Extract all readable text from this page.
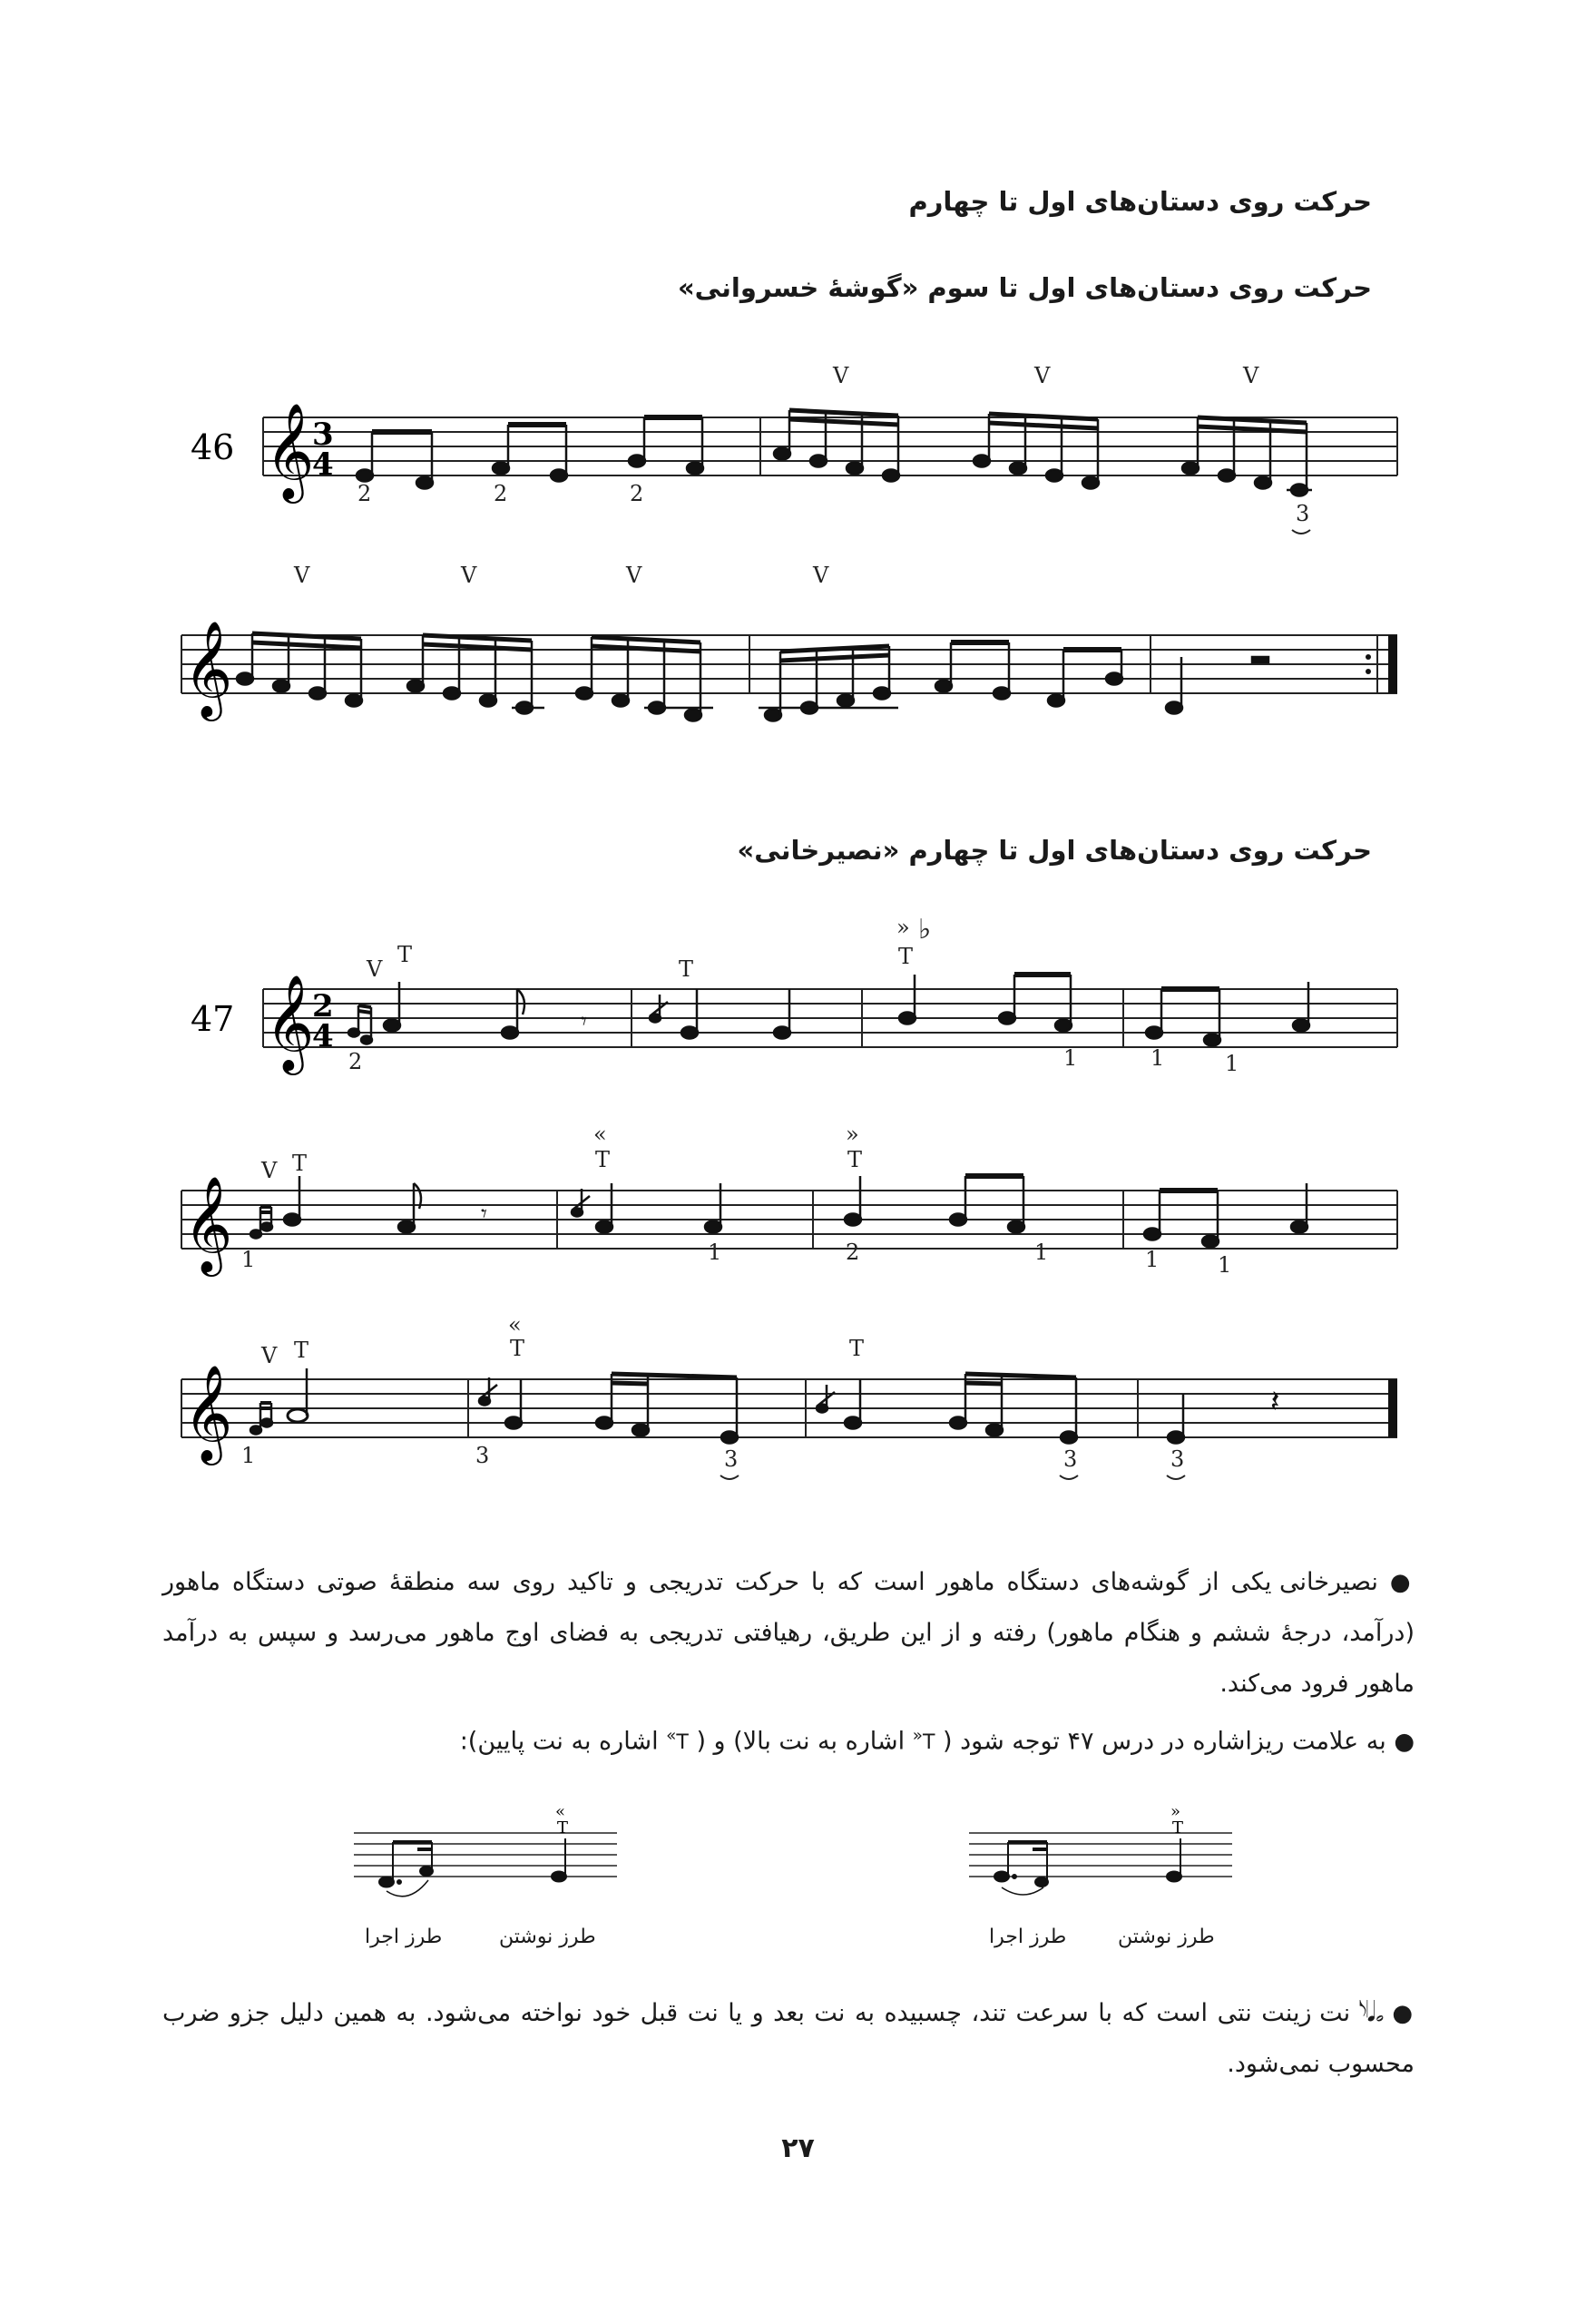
حرکت روی دستان‌های اول تا چهارم
حرکت روی دستان‌های اول تا سوم «گوشهٔ خسروانی»
حرکت روی دستان‌های اول تا چهارم «نصیرخانی»
46 𝄞
𝄞
3
4
2	2	2
3
V	V	V
V	V	V	V
47 𝄞
𝄞
𝄞
2
4	𝄾
𝄾
𝄽
2	1	1	1
1	1	2	1	1	1
1	3	3	3	3
V
T
T
» ♭
T
V T
«
T
»
T
V T
«
T	T
● نصیرخانی یکی از گوشه‌های دستگاه ماهور است که با حرکت تدریجی و تاکید روی سه منطقهٔ صوتی دستگاه ماهور (درآمد، درجهٔ ششم و هنگام ماهور) رفته و از این طریق، رهیافتی تدریجی به فضای اوج ماهور می‌رسد و سپس به درآمد ماهور فرود می‌کند.
● به علامت ریزاشاره در درس ۴۷ توجه شود ( T« اشاره به نت بالا) و ( T» اشاره به نت پایین):
«
T
طرز اجرا	طرز نوشتن
»
T
طرز اجرا	طرز نوشتن
● 𝅘𝅥𝅮𝅗𝅥 نت زینت نتی است که با سرعت تند، چسبیده به نت بعد و یا نت قبل خود نواخته می‌شود. به همین دلیل جزو ضرب محسوب نمی‌شود.
۲۷
